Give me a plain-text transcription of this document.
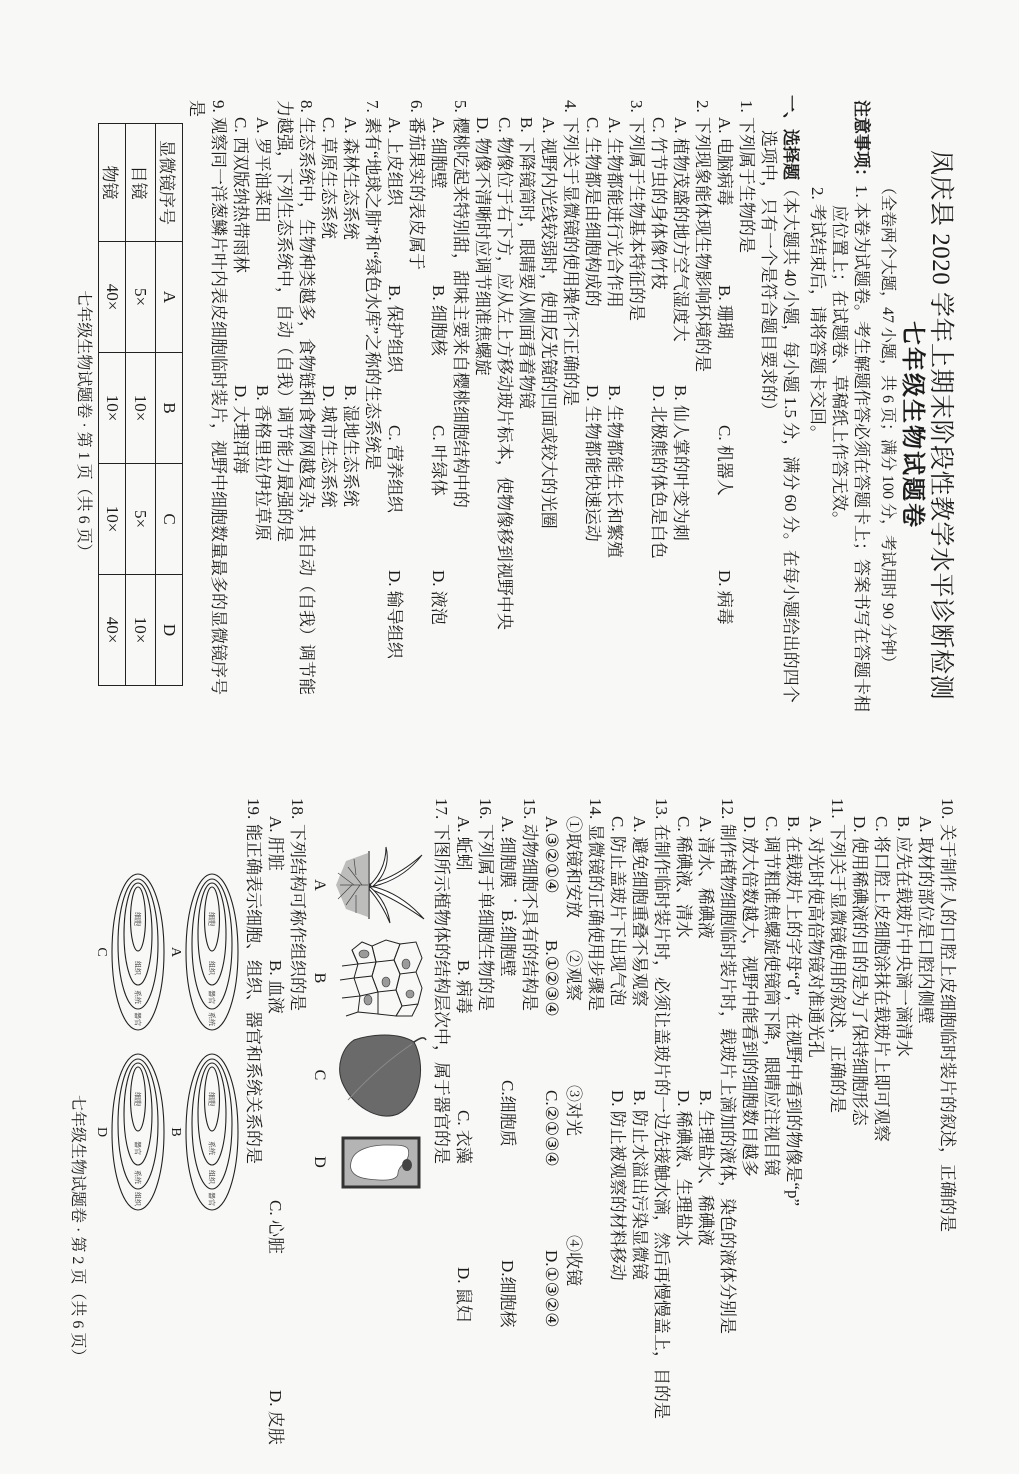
凤庆县 2020 学年上期末阶段性教学水平诊断检测
七年级生物试题卷
（全卷两个大题，47 小题，共 6 页；满分 100 分，考试用时 90 分钟）
注意事项：1. 本卷为试题卷。考生解题作答必须在答题卡上；答案书写在答题卡相
应位置上；在试题卷、草稿纸上作答无效。
2. 考试结束后，请将答题卡交回。
一、选择题（本大题共 40 小题，每小题 1.5 分，满分 60 分。在每小题给出的四个
选项中，只有一个是符合题目要求的）
1.下列属于生物的是
A. 电脑病毒
B. 珊瑚
C. 机器人
D. 病毒
2.下列现象能体现生物影响环境的是
A. 植物茂盛的地方空气湿度大
B. 仙人掌的叶变为刺
C. 竹节虫的身体像竹枝
D. 北极熊的体色是白色
3.下列属于生物基本特征的是
A. 生物都能进行光合作用
B. 生物都能生长和繁殖
C. 生物都是由细胞构成的
D. 生物都能快速运动
4.下列关于显微镜的使用操作不正确的是
A. 视野内光线较弱时，使用反光镜的凹面或较大的光圈
B. 下降镜筒时，眼睛要从侧面看着物镜
C. 物像位于右下方，应从左上方移动玻片标本，使物像移到视野中央
D. 物像不清晰时应调节细准焦螺旋
5.樱桃吃起来特别甜，甜味主要来自樱桃细胞结构中的
A. 细胞壁
B. 细胞核
C. 叶绿体
D. 液泡
6.番茄果实的表皮属于
A. 上皮组织
B. 保护组织
C. 营养组织
D. 输导组织
7.素有“地球之肺”和“绿色水库”之称的生态系统是
A. 森林生态系统
B. 湿地生态系统
C. 草原生态系统
D. 城市生态系统
8.生态系统中，生物种类越多，食物链和食物网越复杂，其自动（自我）调节能
力越强，下列生态系统中，自动（自我）调节能力最强的是
A. 罗平油菜田
B. 香格里拉伊拉草原
C. 西双版纳热带雨林
D. 大理洱海
9.观察同一洋葱鳞片叶内表皮细胞临时装片，视野中细胞数量最多的显微镜序号
是
显微镜序号	A	B	C	D
目镜	5×	10×	5×	10×
物镜	40×	10×	10×	40×
七年级生物试题卷 · 第 1 页（共 6 页）
10.关于制作人的口腔上皮细胞临时装片的叙述，正确的是
A. 取材的部位是口腔内侧壁
B. 应先在载玻片中央滴一滴清水
C. 将口腔上皮细胞涂抹在载玻片上即可观察
D. 使用稀碘液的目的是为了保持细胞形态
11.下列关于显微镜使用的叙述，正确的是
A. 对光时使高倍物镜对准通光孔
B. 在载玻片上的字母“d”，在视野中看到的物像是“p”
C. 调节粗准焦螺旋使镜筒下降，眼睛应注视目镜
D. 放大倍数越大，视野中能看到的细胞数目越多
12.制作植物细胞临时装片时，载玻片上滴加的液体，染色的液体分别是
A. 清水、稀碘液
B. 生理盐水、稀碘液
C. 稀碘液、清水
D. 稀碘液、生理盐水
13.在制作临时装片时，必须让盖玻片的一边先接触水滴，然后再慢慢盖上，目的是
A. 避免细胞重叠不易观察
B. 防止水溢出污染显微镜
C. 防止盖玻片下出现气泡
D. 防止被观察的材料移动
14.显微镜的正确使用步骤是
①取镜和安放
②观察
③对光
④收镜
A.③②①④
B.①②③④
C.②①③④
D.①③②④
15.动物细胞不具有的结构是
A. 细胞膜
B.细胞壁
C.细胞质
D.细胞核
16.下列属于单细胞生物的是
A. 蚯蚓
B. 病毒
C. 衣藻
D. 鼠妇
17.下图所示植物体的结构层次中，属于器官的是
A
B
C
D
18.下列结构可称作组织的是
A. 肝脏
B. 血液
C. 心脏
D. 皮肤
19.能正确表示细胞、组织、器官和系统关系的是
细胞
组织
器官
系统
细胞
系统
组织
器官
A
B
细胞
组织
系统
器官
细胞
器官
系统
组织
C
D
七年级生物试题卷 · 第 2 页（共 6 页）
